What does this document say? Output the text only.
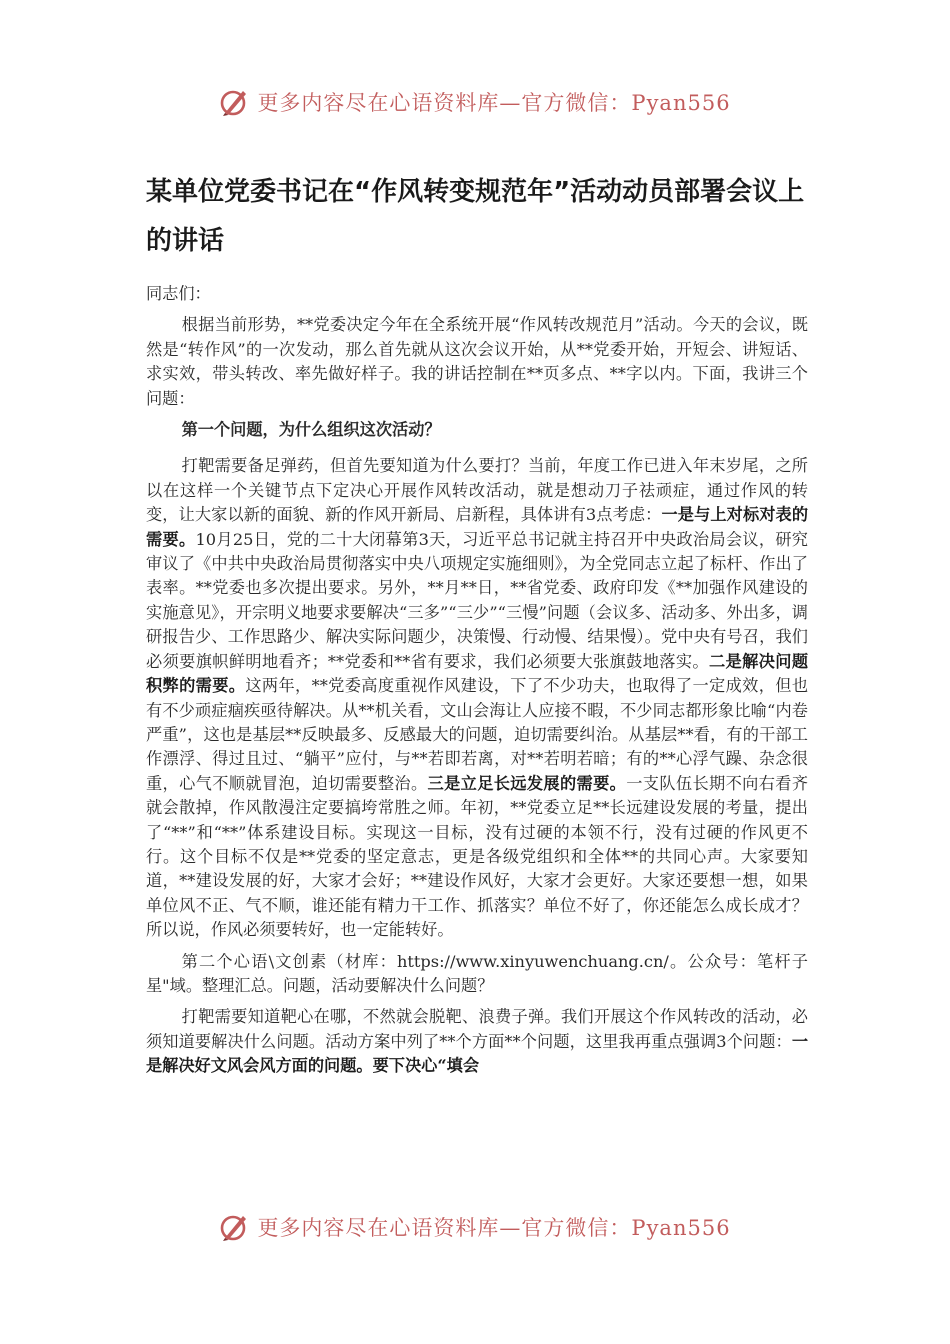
更多内容尽在心语资料库—官方微信：Pyan556
某单位党委书记在“作风转变规范年”活动动员部署会议上的讲话

同志们：

根据当前形势，**党委决定今年在全系统开展“作风转改规范月”活动。今天的会议，既然是“转作风”的一次发动，那么首先就从这次会议开始，从**党委开始，开短会、讲短话、求实效，带头转改、率先做好样子。我的讲话控制在**页多点、**字以内。下面，我讲三个问题：

第一个问题，为什么组织这次活动？

打靶需要备足弹药，但首先要知道为什么要打？当前，年度工作已进入年末岁尾，之所以在这样一个关键节点下定决心开展作风转改活动，就是想动刀子祛顽症，通过作风的转变，让大家以新的面貌、新的作风开新局、启新程，具体讲有3点考虑：一是与上对标对表的需要。10月25日，党的二十大闭幕第3天，习近平总书记就主持召开中央政治局会议，研究审议了《中共中央政治局贯彻落实中央八项规定实施细则》，为全党同志立起了标杆、作出了表率。**党委也多次提出要求。另外，**月**日，**省党委、政府印发《**加强作风建设的实施意见》，开宗明义地要求要解决“三多”“三少”“三慢”问题（会议多、活动多、外出多，调研报告少、工作思路少、解决实际问题少，决策慢、行动慢、结果慢）。党中央有号召，我们必须要旗帜鲜明地看齐；**党委和**省有要求，我们必须要大张旗鼓地落实。二是解决问题积弊的需要。这两年，**党委高度重视作风建设，下了不少功夫，也取得了一定成效，但也有不少顽症痼疾亟待解决。从**机关看，文山会海让人应接不暇，不少同志都形象比喻“内卷严重”，这也是基层**反映最多、反感最大的问题，迫切需要纠治。从基层**看，有的干部工作漂浮、得过且过、“躺平”应付，与**若即若离，对**若明若暗；有的**心浮气躁、杂念很重，心气不顺就冒泡，迫切需要整治。三是立足长远发展的需要。一支队伍长期不向右看齐就会散掉，作风散漫注定要搞垮常胜之师。年初，**党委立足**长远建设发展的考量，提出了“**”和“**”体系建设目标。实现这一目标，没有过硬的本领不行，没有过硬的作风更不行。这个目标不仅是**党委的坚定意志，更是各级党组织和全体**的共同心声。大家要知道，**建设发展的好，大家才会好；**建设作风好，大家才会更好。大家还要想一想，如果单位风不正、气不顺，谁还能有精力干工作、抓落实？单位不好了，你还能怎么成长成才？所以说，作风必须要转好，也一定能转好。

第二个心语\文创素（材库：https://www.xinyuwenchuang.cn/。公众号：笔杆子星"域。整理汇总。问题，活动要解决什么问题？

打靶需要知道靶心在哪，不然就会脱靶、浪费子弹。我们开展这个作风转改的活动，必须知道要解决什么问题。活动方案中列了**个方面**个问题，这里我再重点强调3个问题：一是解决好文风会风方面的问题。要下决心“填会

更多内容尽在心语资料库—官方微信：Pyan556
